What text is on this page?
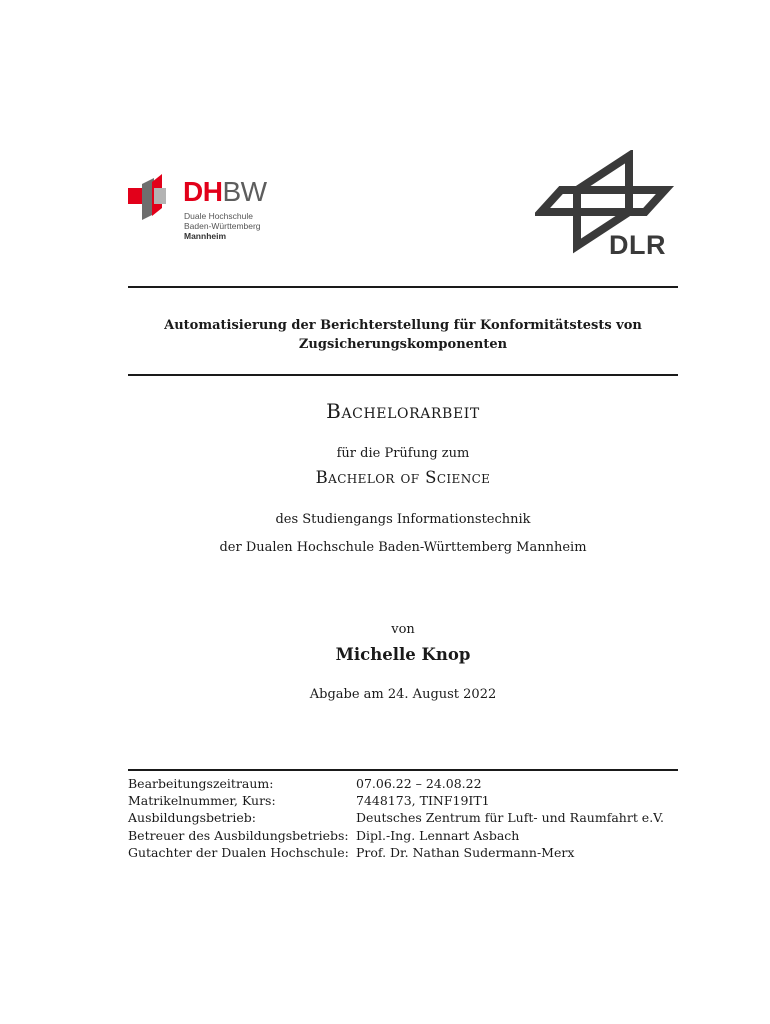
DHBW
Duale Hochschule
Baden-Württemberg
Mannheim	DLR
Automatisierung der Berichterstellung für Konformitätstests von
Zugsicherungskomponenten
Bachelorarbeit
für die Prüfung zum
Bachelor of Science
des Studiengangs Informationstechnik
der Dualen Hochschule Baden-Württemberg Mannheim
von
Michelle Knop
Abgabe am 24. August 2022
Bearbeitungszeitraum:	07.06.22 – 24.08.22
Matrikelnummer, Kurs:	7448173, TINF19IT1
Ausbildungsbetrieb:	Deutsches Zentrum für Luft- und Raumfahrt e.V.
Betreuer des Ausbildungsbetriebs: Dipl.-Ing. Lennart Asbach
Gutachter der Dualen Hochschule: Prof. Dr. Nathan Sudermann-Merx
